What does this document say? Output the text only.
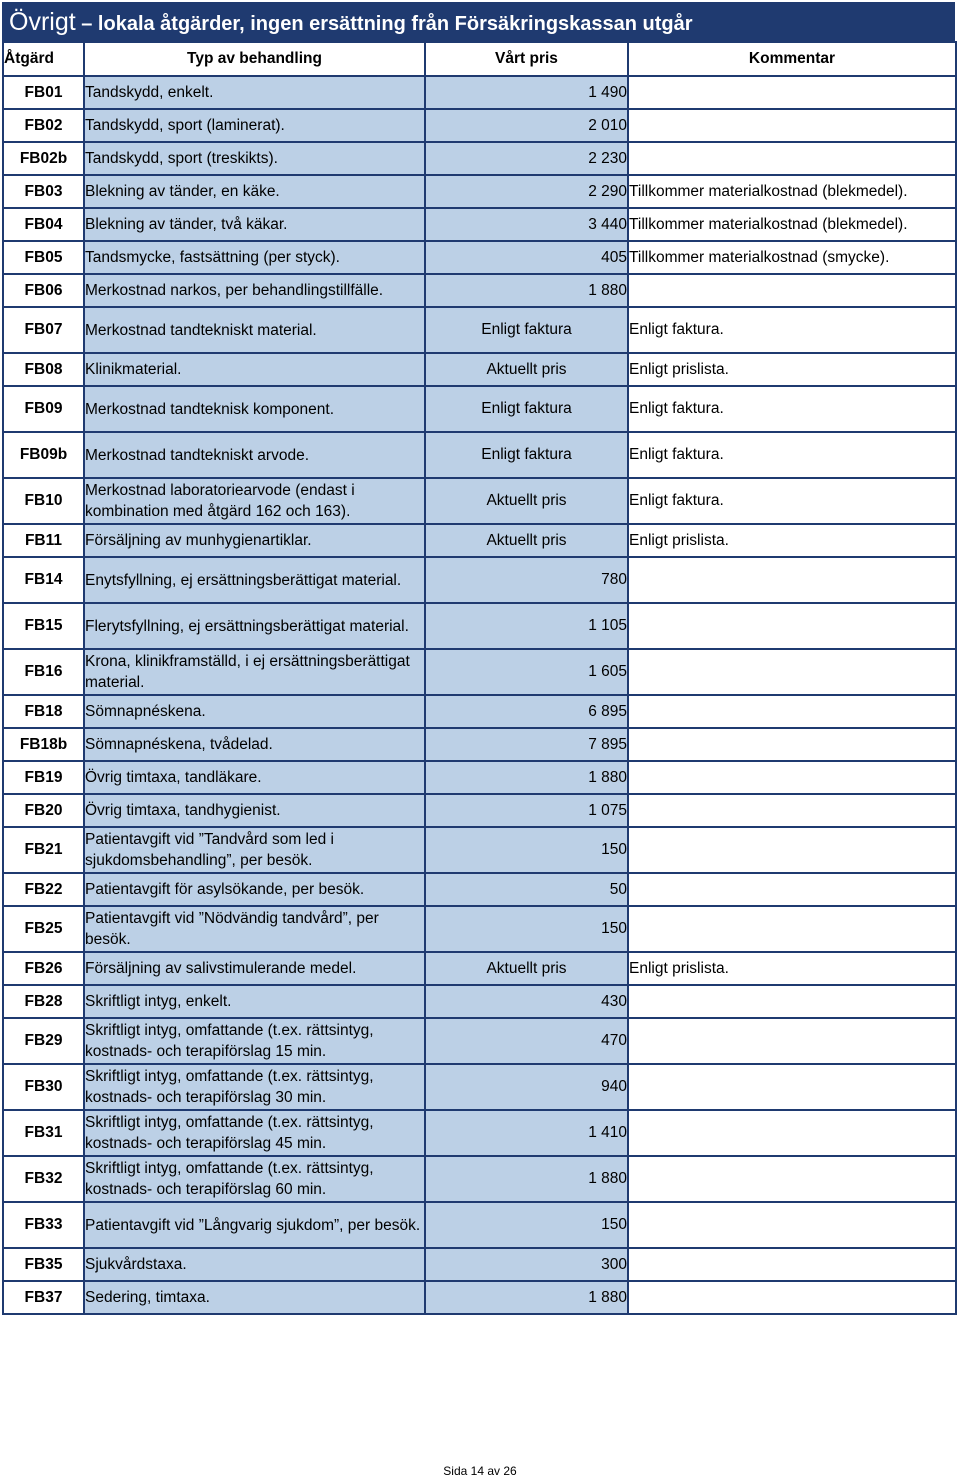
Övrigt – lokala åtgärder, ingen ersättning från Försäkringskassan utgår
Åtgärd	Typ av behandling	Vårt pris	Kommentar
FB01	Tandskydd, enkelt.	1 490	
FB02	Tandskydd, sport (laminerat).	2 010	
FB02b	Tandskydd, sport (treskikts).	2 230	
FB03	Blekning av tänder, en käke.	2 290	Tillkommer materialkostnad (blekmedel).
FB04	Blekning av tänder, två käkar.	3 440	Tillkommer materialkostnad (blekmedel).
FB05	Tandsmycke, fastsättning (per styck).	405	Tillkommer materialkostnad (smycke).
FB06	Merkostnad narkos, per behandlingstillfälle.	1 880	
FB07	Merkostnad tandtekniskt material.	Enligt faktura	Enligt faktura.
FB08	Klinikmaterial.	Aktuellt pris	Enligt prislista.
FB09	Merkostnad tandteknisk komponent.	Enligt faktura	Enligt faktura.
FB09b	Merkostnad tandtekniskt arvode.	Enligt faktura	Enligt faktura.
FB10	Merkostnad laboratoriearvode (endast i kombination med åtgärd 162 och 163).	Aktuellt pris	Enligt faktura.
FB11	Försäljning av munhygienartiklar.	Aktuellt pris	Enligt prislista.
FB14	Enytsfyllning, ej ersättningsberättigat material.	780	
FB15	Flerytsfyllning, ej ersättningsberättigat material.	1 105	
FB16	Krona, klinikframställd, i ej ersättningsberättigat material.	1 605	
FB18	Sömnapnéskena.	6 895	
FB18b	Sömnapnéskena, tvådelad.	7 895	
FB19	Övrig timtaxa, tandläkare.	1 880	
FB20	Övrig timtaxa, tandhygienist.	1 075	
FB21	Patientavgift vid ”Tandvård som led i sjukdomsbehandling”, per besök.	150	
FB22	Patientavgift för asylsökande, per besök.	50	
FB25	Patientavgift vid ”Nödvändig tandvård”, per besök.	150	
FB26	Försäljning av salivstimulerande medel.	Aktuellt pris	Enligt prislista.
FB28	Skriftligt intyg, enkelt.	430	
FB29	Skriftligt intyg, omfattande (t.ex. rättsintyg, kostnads- och terapiförslag 15 min.	470	
FB30	Skriftligt intyg, omfattande (t.ex. rättsintyg, kostnads- och terapiförslag 30 min.	940	
FB31	Skriftligt intyg, omfattande (t.ex. rättsintyg, kostnads- och terapiförslag 45 min.	1 410	
FB32	Skriftligt intyg, omfattande (t.ex. rättsintyg, kostnads- och terapiförslag 60 min.	1 880	
FB33	Patientavgift vid ”Långvarig sjukdom”, per besök.	150	
FB35	Sjukvårdstaxa.	300	
FB37	Sedering, timtaxa.	1 880	
Sida 14 av 26
